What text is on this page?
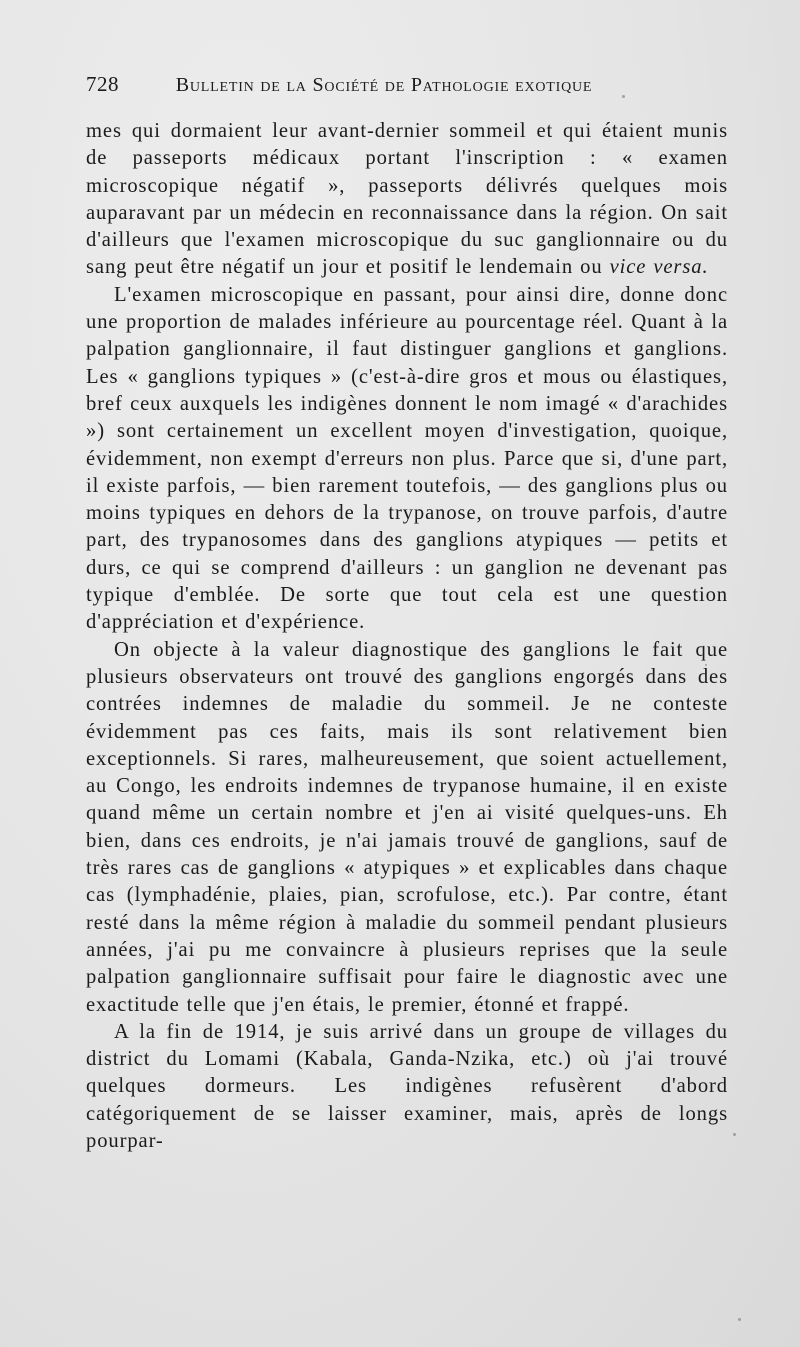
728	Bulletin de la Société de Pathologie exotique

mes qui dormaient leur avant-dernier sommeil et qui étaient munis de passeports médicaux portant l'inscription : « examen microscopique négatif », passeports délivrés quelques mois auparavant par un médecin en reconnaissance dans la région. On sait d'ailleurs que l'examen microscopique du suc ganglionnaire ou du sang peut être négatif un jour et positif le lendemain ou vice versa.

L'examen microscopique en passant, pour ainsi dire, donne donc une proportion de malades inférieure au pourcentage réel. Quant à la palpation ganglionnaire, il faut distinguer ganglions et ganglions. Les « ganglions typiques » (c'est-à-dire gros et mous ou élastiques, bref ceux auxquels les indigènes donnent le nom imagé « d'arachides ») sont certainement un excellent moyen d'investigation, quoique, évidemment, non exempt d'erreurs non plus. Parce que si, d'une part, il existe parfois, — bien rarement toutefois, — des ganglions plus ou moins typiques en dehors de la trypanose, on trouve parfois, d'autre part, des trypanosomes dans des ganglions atypiques — petits et durs, ce qui se comprend d'ailleurs : un ganglion ne devenant pas typique d'emblée. De sorte que tout cela est une question d'appréciation et d'expérience.

On objecte à la valeur diagnostique des ganglions le fait que plusieurs observateurs ont trouvé des ganglions engorgés dans des contrées indemnes de maladie du sommeil. Je ne conteste évidemment pas ces faits, mais ils sont relativement bien exceptionnels. Si rares, malheureusement, que soient actuellement, au Congo, les endroits indemnes de trypanose humaine, il en existe quand même un certain nombre et j'en ai visité quelques-uns. Eh bien, dans ces endroits, je n'ai jamais trouvé de ganglions, sauf de très rares cas de ganglions « atypiques » et explicables dans chaque cas (lymphadénie, plaies, pian, scrofulose, etc.). Par contre, étant resté dans la même région à maladie du sommeil pendant plusieurs années, j'ai pu me convaincre à plusieurs reprises que la seule palpation ganglionnaire suffisait pour faire le diagnostic avec une exactitude telle que j'en étais, le premier, étonné et frappé.

A la fin de 1914, je suis arrivé dans un groupe de villages du district du Lomami (Kabala, Ganda-Nzika, etc.) où j'ai trouvé quelques dormeurs. Les indigènes refusèrent d'abord catégoriquement de se laisser examiner, mais, après de longs pourpar-
